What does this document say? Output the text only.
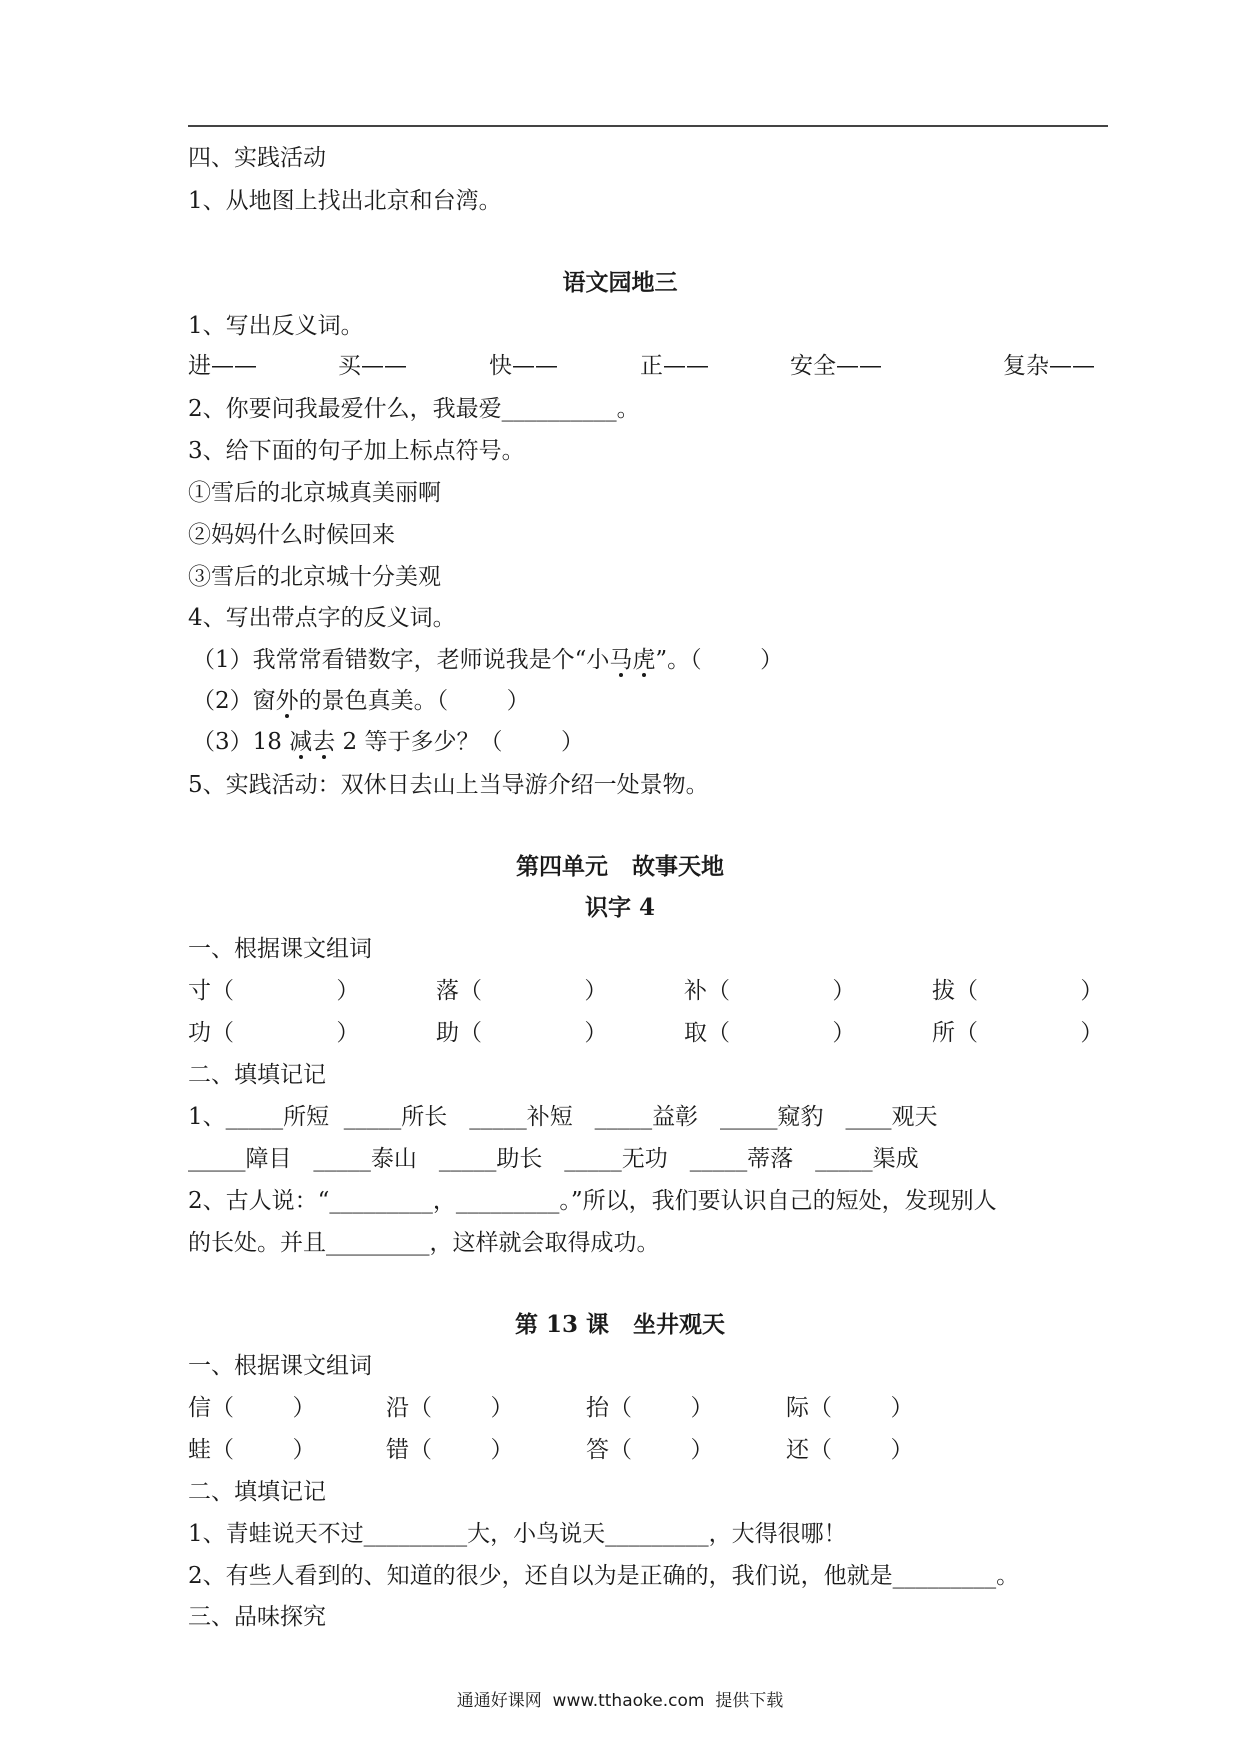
四、实践活动
1、从地图上找出北京和台湾。
语文园地三
1、写出反义词。
进——	买——	快——	正——	安全——	复杂——
2、你要问我最爱什么，我最爱__________。
3、给下面的句子加上标点符号。
①雪后的北京城真美丽啊
②妈妈什么时候回来
③雪后的北京城十分美观
4、写出带点字的反义词。
（1）我常常看错数字，老师说我是个“小马虎”。（        ）
（2）窗外的景色真美。（        ）
（3）18 减去 2 等于多少？（        ）
5、实践活动：双休日去山上当导游介绍一处景物。
第四单元   故事天地
识字 4
一、根据课文组词
寸（              ）	落（              ）	补（              ）	拔（              ）
功（              ）	助（              ）	取（              ）	所（              ）
二、填填记记
1、_____所短  _____所长   _____补短   _____益彰   _____窥豹   ____观天
_____障目   _____泰山   _____助长   _____无功   _____蒂落   _____渠成
2、古人说：“_________，_________。”所以，我们要认识自己的短处，发现别人
的长处。并且_________，这样就会取得成功。
第 13 课   坐井观天
一、根据课文组词
信（        ）	沿（        ）	抬（        ）	际（        ）
蛙（        ）	错（        ）	答（        ）	还（        ）
二、填填记记
1、青蛙说天不过_________大，小鸟说天_________，大得很哪！
2、有些人看到的、知道的很少，还自以为是正确的，我们说，他就是_________。
三、品味探究
通通好课网  www.tthaoke.com  提供下载
